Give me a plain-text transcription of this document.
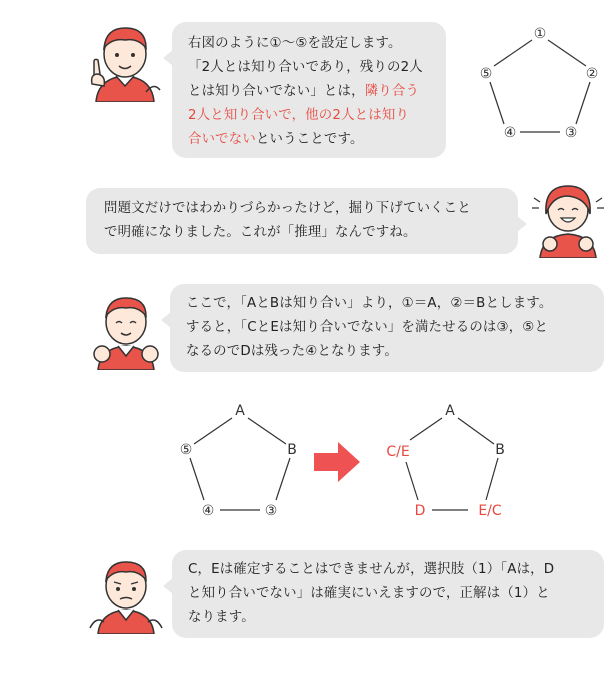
右図のように①〜⑤を設定します。
「2人とは知り合いであり，残りの2人
とは知り合いでない」とは，隣り合う
2人と知り合いで，他の2人とは知り
合いでないということです。
①
②
③
④
⑤
問題文だけではわかりづらかったけど，掘り下げていくこと
で明確になりました。これが「推理」なんですね。
ここで，「AとBは知り合い」より，①＝A，②＝Bとします。
すると，「CとEは知り合いでない」を満たせるのは③，⑤と
なるのでDは残った④となります。
A
B
③
④
⑤
A
B
E/C
D
C/E
C，Eは確定することはできませんが，選択肢（1）「Aは，D
と知り合いでない」は確実にいえますので，正解は（1）と
なります。
